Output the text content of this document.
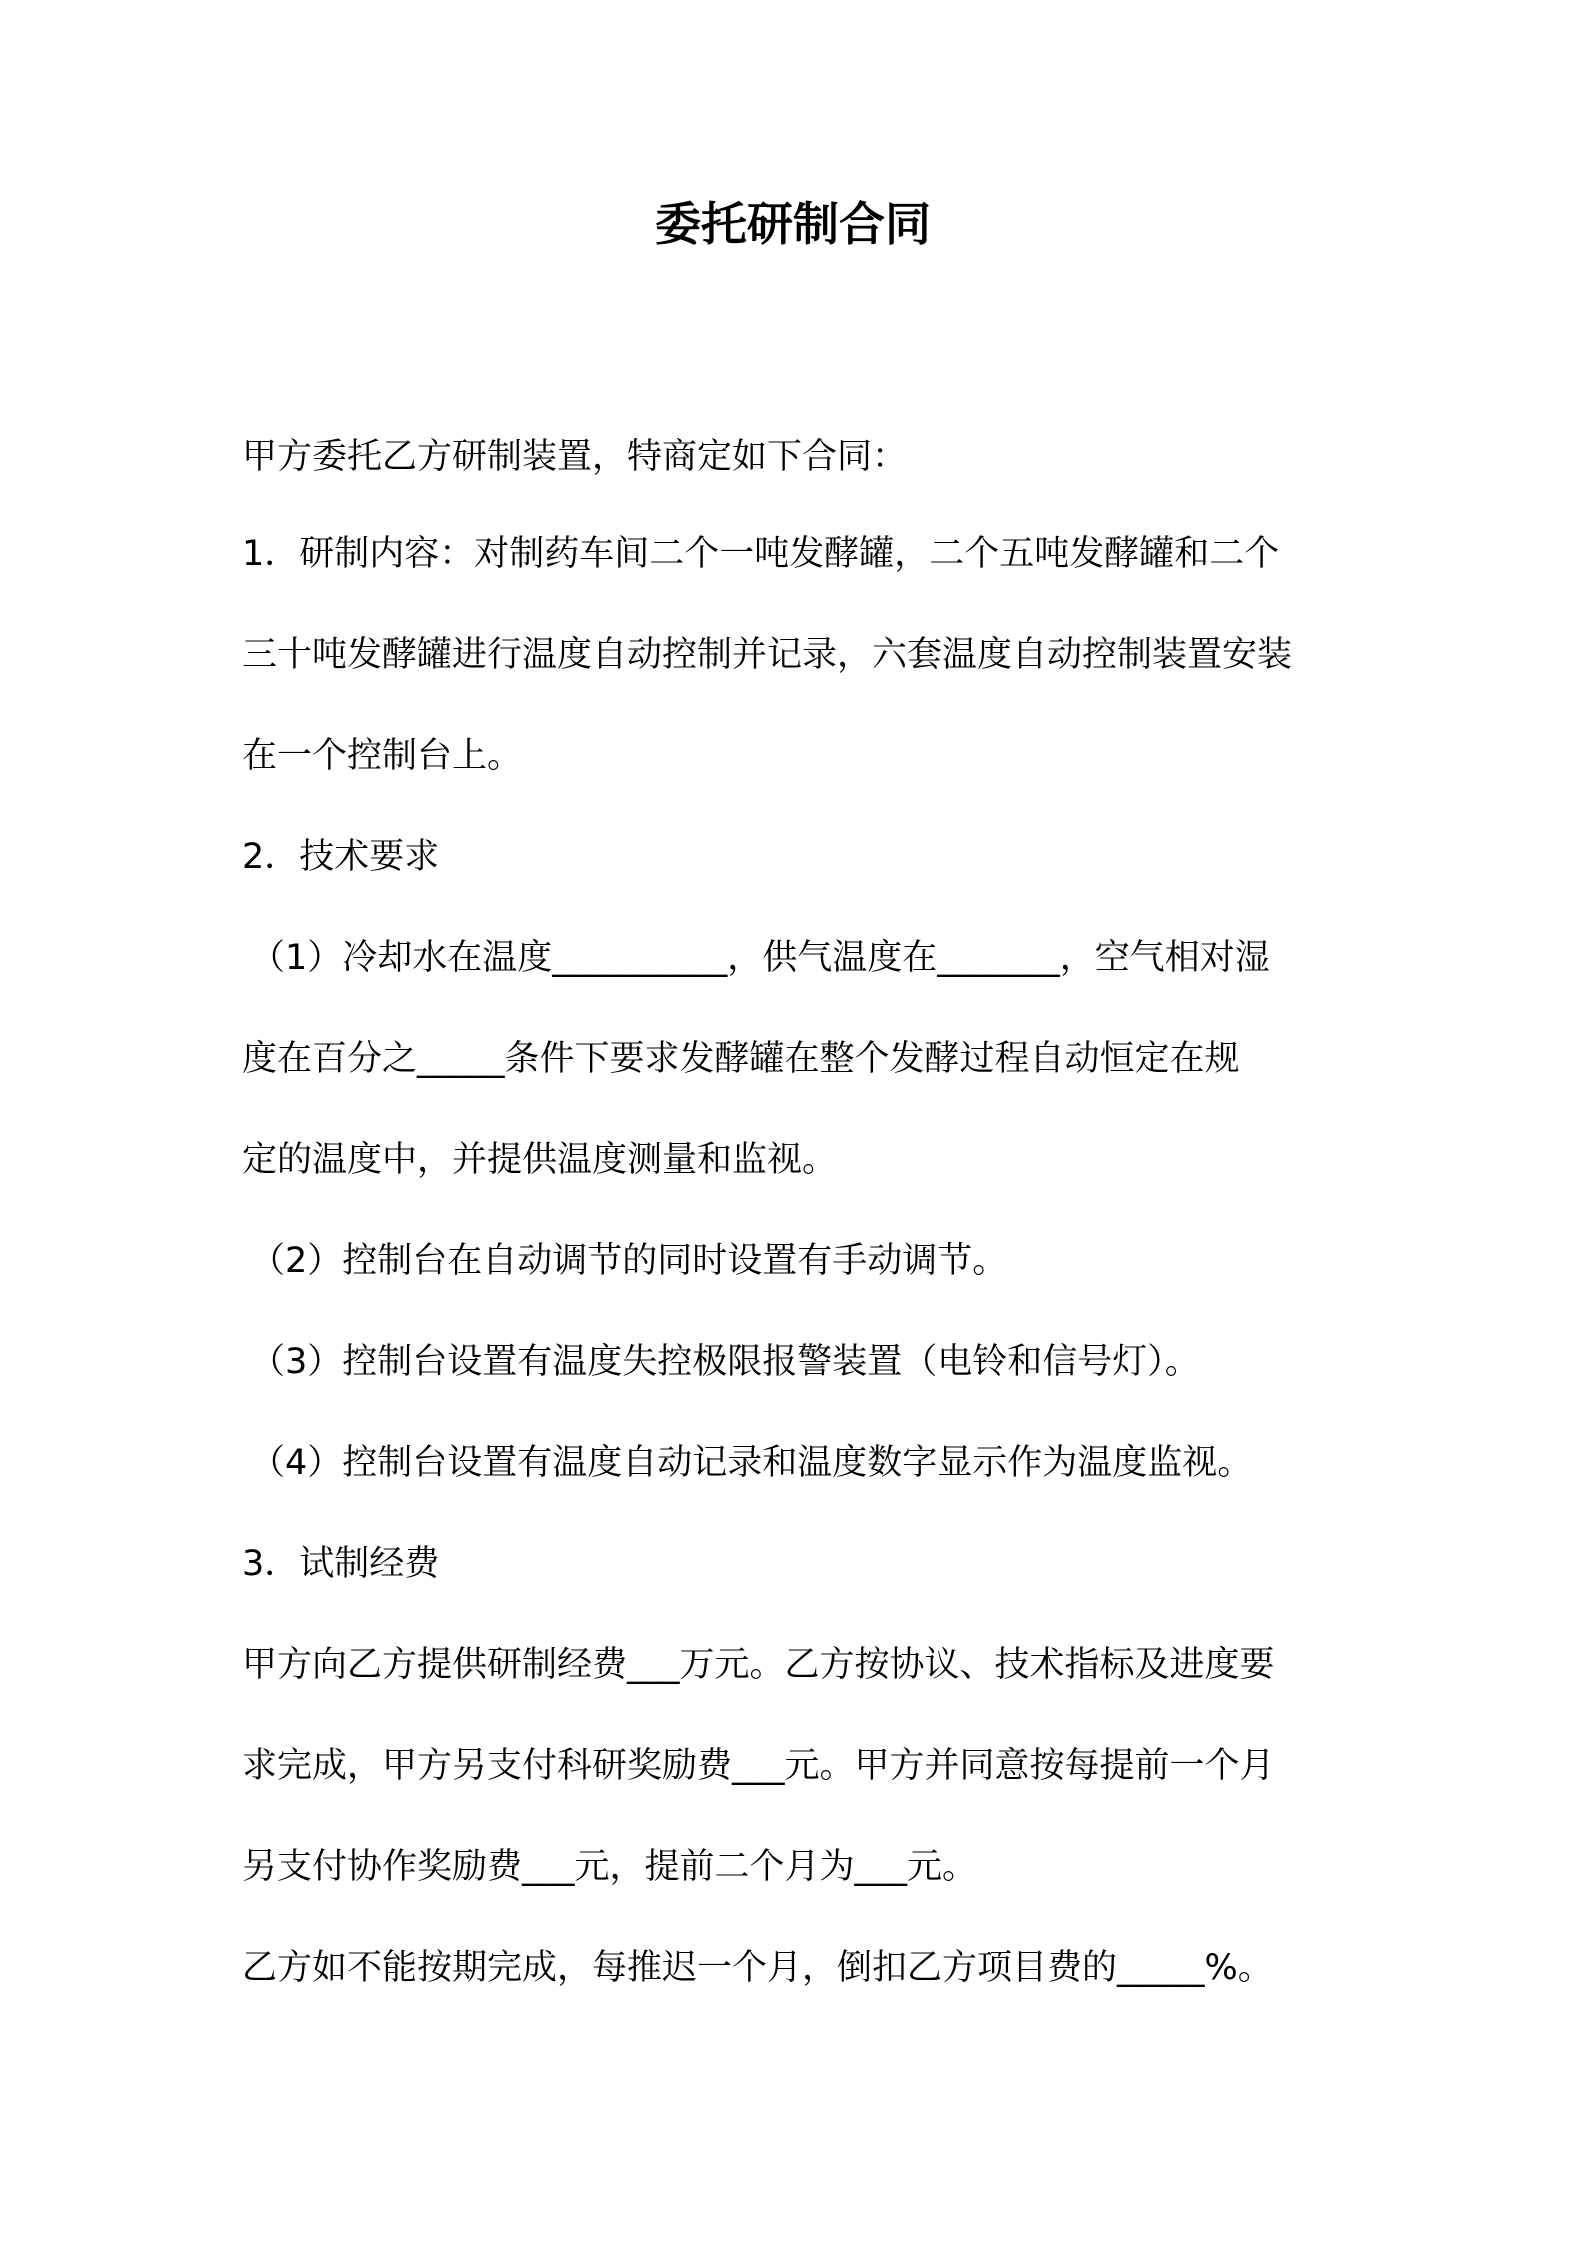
委托研制合同
甲方委托乙方研制装置，特商定如下合同：
1．研制内容：对制药车间二个一吨发酵罐，二个五吨发酵罐和二个
三十吨发酵罐进行温度自动控制并记录，六套温度自动控制装置安装
在一个控制台上。
2．技术要求
（1）冷却水在温度__________，供气温度在_______，空气相对湿
度在百分之_____条件下要求发酵罐在整个发酵过程自动恒定在规
定的温度中，并提供温度测量和监视。
（2）控制台在自动调节的同时设置有手动调节。
（3）控制台设置有温度失控极限报警装置（电铃和信号灯）。
（4）控制台设置有温度自动记录和温度数字显示作为温度监视。
3．试制经费
甲方向乙方提供研制经费___万元。乙方按协议、技术指标及进度要
求完成，甲方另支付科研奖励费___元。甲方并同意按每提前一个月
另支付协作奖励费___元，提前二个月为___元。
乙方如不能按期完成，每推迟一个月，倒扣乙方项目费的_____%。
